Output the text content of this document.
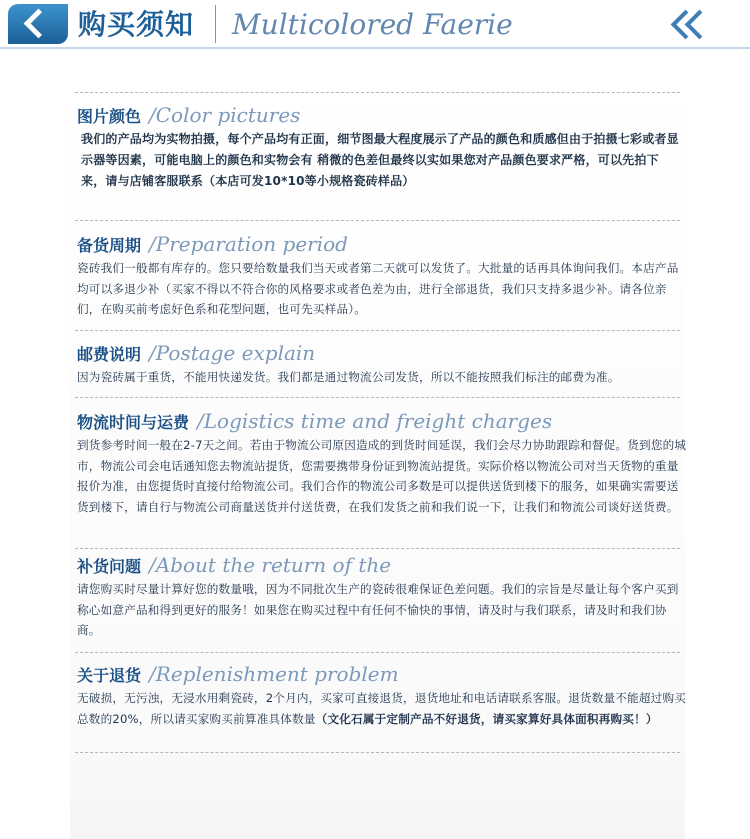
购买须知 Multicolored Faerie
图片颜色 /Color pictures

我们的产品均为实物拍摄，每个产品均有正面，细节图最大程度展示了产品的颜色和质感但由于拍摄七彩或者显示器等因素，可能电脑上的颜色和实物会有 稍微的色差但最终以实如果您对产品颜色要求严格，可以先拍下来，请与店铺客服联系（本店可发10*10等小规格瓷砖样品）

备货周期 /Preparation period

瓷砖我们一般都有库存的。您只要给数量我们当天或者第二天就可以发货了。大批量的话再具体询问我们。本店产品均可以多退少补（买家不得以不符合你的风格要求或者色差为由，进行全部退货，我们只支持多退少补。请各位亲们，在购买前考虑好色系和花型问题，也可先买样品）。

邮费说明 /Postage explain

因为瓷砖属于重货，不能用快递发货。我们都是通过物流公司发货，所以不能按照我们标注的邮费为准。

物流时间与运费 /Logistics time and freight charges

到货参考时间一般在2-7天之间。若由于物流公司原因造成的到货时间延误，我们会尽力协助跟踪和督促。货到您的城市，物流公司会电话通知您去物流站提货，您需要携带身份证到物流站提货。实际价格以物流公司对当天货物的重量报价为准，由您提货时直接付给物流公司。我们合作的物流公司多数是可以提供送货到楼下的服务，如果确实需要送货到楼下，请自行与物流公司商量送货并付送货费，在我们发货之前和我们说一下，让我们和物流公司谈好送货费。

补货问题 /About the return of the

请您购买时尽量计算好您的数量哦，因为不同批次生产的瓷砖很难保证色差问题。我们的宗旨是尽量让每个客户买到称心如意产品和得到更好的服务！如果您在购买过程中有任何不愉快的事情，请及时与我们联系，请及时和我们协商。

关于退货 /Replenishment problem

无破损，无污浊，无浸水用剩瓷砖，2个月内，买家可直接退货，退货地址和电话请联系客服。退货数量不能超过购买总数的20%，所以请买家购买前算准具体数量（文化石属于定制产品不好退货，请买家算好具体面积再购买！）
